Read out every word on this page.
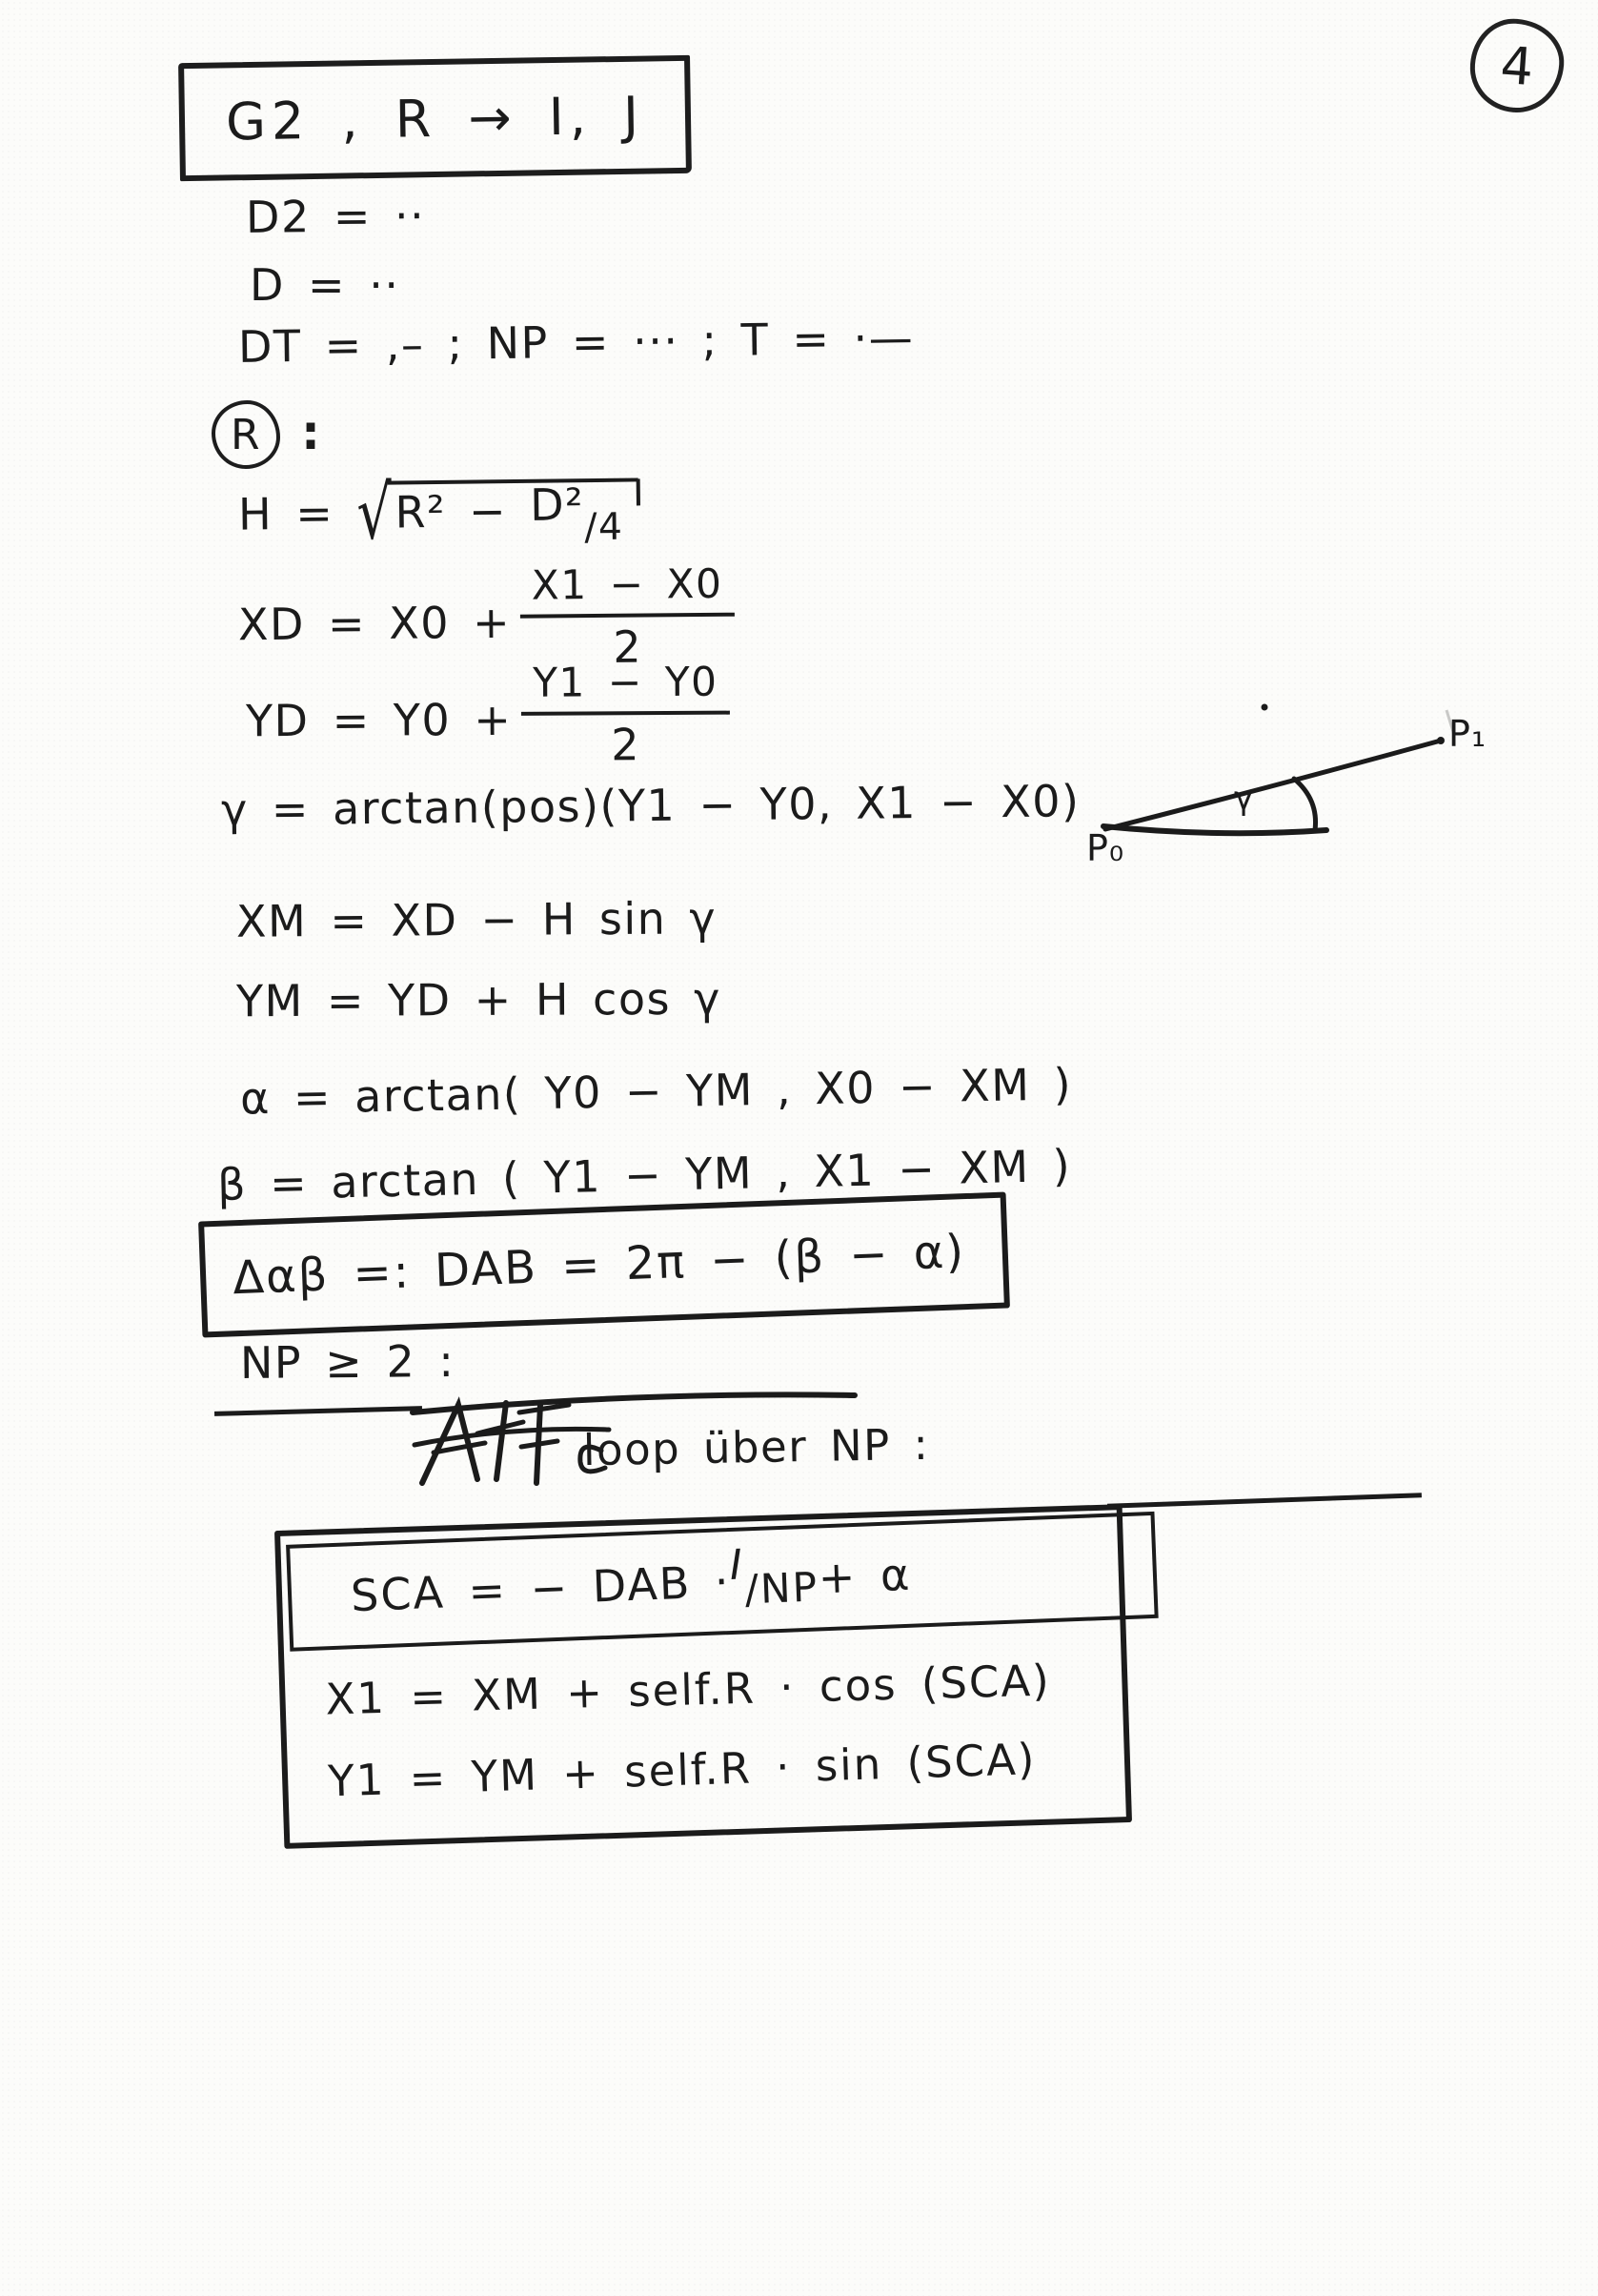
4
G2 , R → I, J
D2 = ··
D = ··
DT = ,– ; NP = ··· ; T = ·—
R :
$H = √R^2 - D^2_{∕4}$
XD = $X0 + \frac{X1 - X0}{2}$
YD = $Y0 + \frac{Y1 - Y0}{2}$
γ = arctan(pos)(Y1 − Y0, X1 − X0)
P₀
P₁
γ
XM = XD − H sin γ
YM = YD + H cos γ
α = arctan( Y0 − YM , X0 − XM )
β = arctan ( Y1 − YM , X1 − XM )
Δαβ =: DAB = 2π − (β − α)
NP ≥ 2 :
loop über NP :
SCA = − DAB ·
I ∕NP
+ α
X1 = XM + self.R · cos (SCA)
Y1 = YM + self.R · sin (SCA)
